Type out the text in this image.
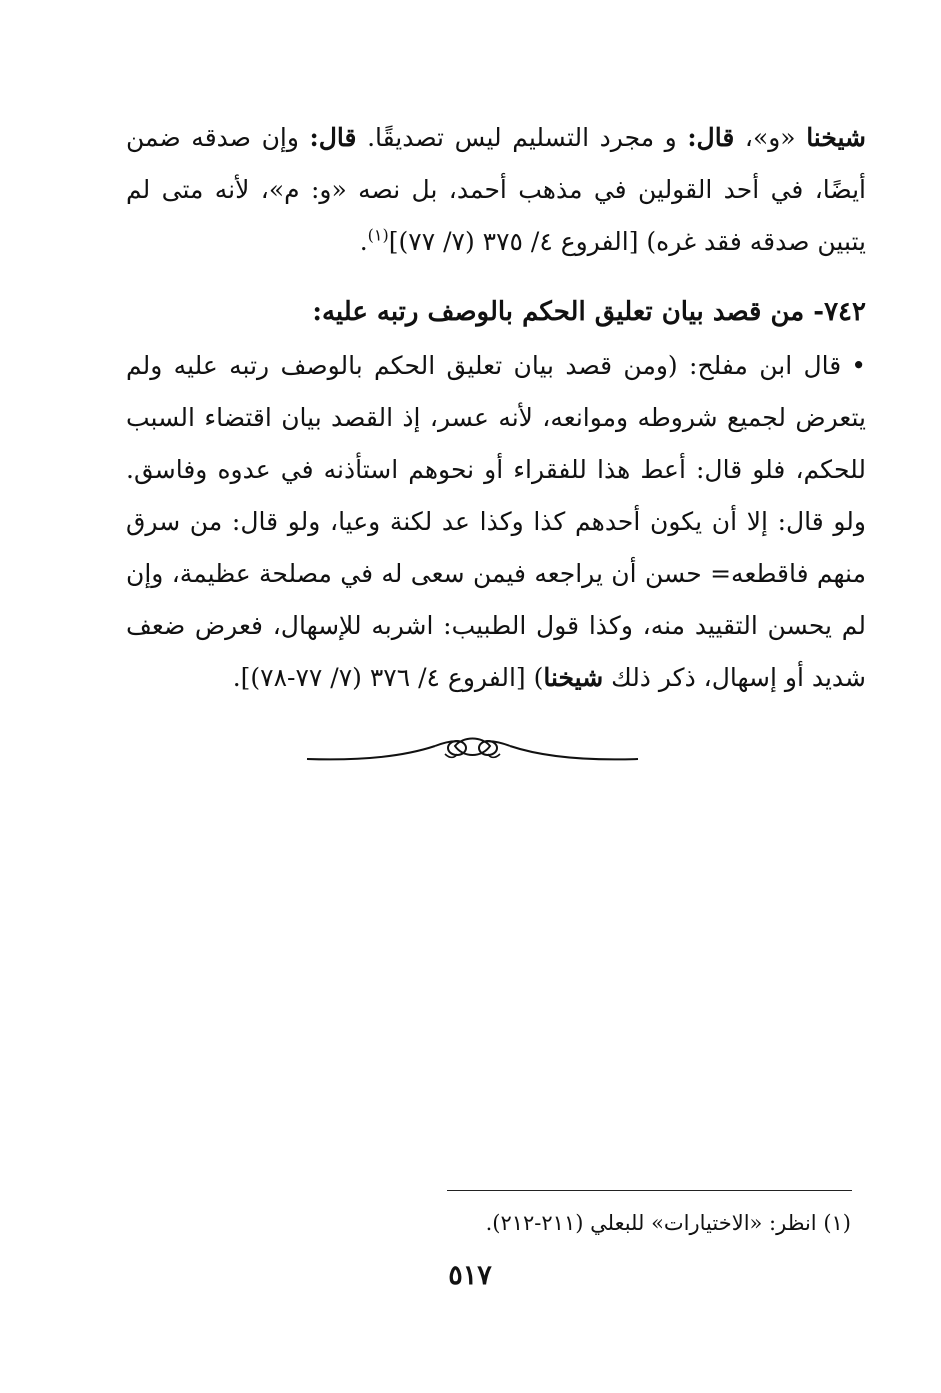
شيخنا «و»، قال: و مجرد التسليم ليس تصديقًا. قال: وإن صدقه ضمن أيضًا، في أحد القولين في مذهب أحمد، بل نصه «و: م»، لأنه متى لم يتبين صدقه فقد غره) [الفروع ٤/ ٣٧٥ (٧/ ٧٧)]$^{(١)}$.
٧٤٢- من قصد بيان تعليق الحكم بالوصف رتبه عليه:
•قال ابن مفلح: (ومن قصد بيان تعليق الحكم بالوصف رتبه عليه ولم يتعرض لجميع شروطه وموانعه، لأنه عسر، إذ القصد بيان اقتضاء السبب للحكم، فلو قال: أعط هذا للفقراء أو نحوهم استأذنه في عدوه وفاسق. ولو قال: إلا أن يكون أحدهم كذا وكذا عد لكنة وعيا، ولو قال: من سرق منهم فاقطعه= حسن أن يراجعه فيمن سعى له في مصلحة عظيمة، وإن لم يحسن التقييد منه، وكذا قول الطبيب: اشربه للإسهال، فعرض ضعف شديد أو إسهال، ذكر ذلك شيخنا) [الفروع ٤/ ٣٧٦ (٧/ ٧٧-٧٨)].
(١) انظر: «الاختيارات» للبعلي (٢١١-٢١٢).
٥١٧
